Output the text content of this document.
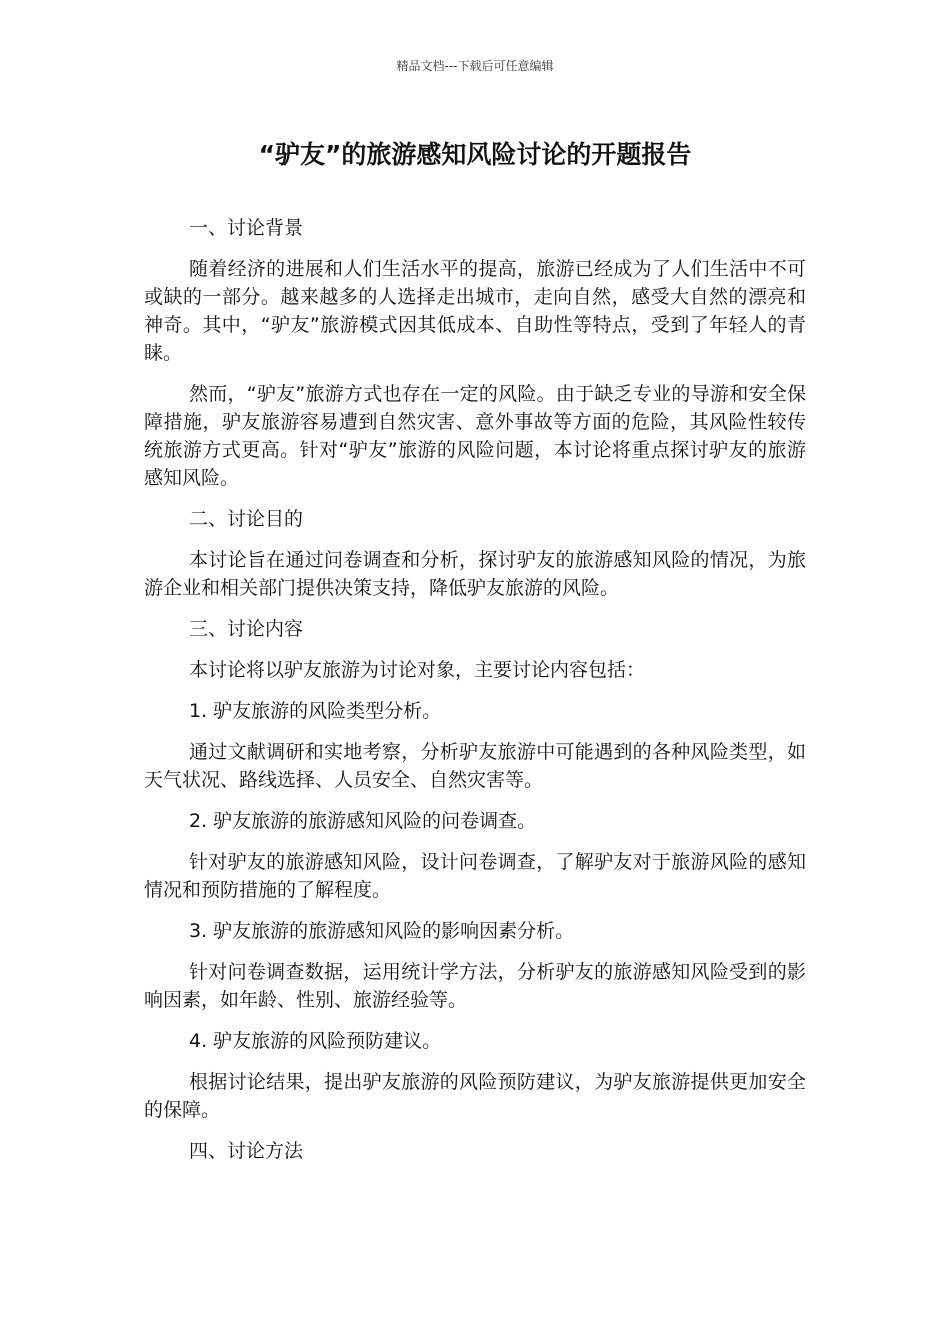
精品文档---下载后可任意编辑
“驴友”的旅游感知风险讨论的开题报告

一、讨论背景

随着经济的进展和人们生活水平的提高，旅游已经成为了人们生活中不可或缺的一部分。越来越多的人选择走出城市，走向自然，感受大自然的漂亮和神奇。其中，“驴友”旅游模式因其低成本、自助性等特点，受到了年轻人的青睐。

然而，“驴友”旅游方式也存在一定的风险。由于缺乏专业的导游和安全保障措施，驴友旅游容易遭到自然灾害、意外事故等方面的危险，其风险性较传统旅游方式更高。针对“驴友”旅游的风险问题，本讨论将重点探讨驴友的旅游感知风险。

二、讨论目的

本讨论旨在通过问卷调查和分析，探讨驴友的旅游感知风险的情况，为旅游企业和相关部门提供决策支持，降低驴友旅游的风险。

三、讨论内容

本讨论将以驴友旅游为讨论对象，主要讨论内容包括：

1. 驴友旅游的风险类型分析。

通过文献调研和实地考察，分析驴友旅游中可能遇到的各种风险类型，如天气状况、路线选择、人员安全、自然灾害等。

2. 驴友旅游的旅游感知风险的问卷调查。

针对驴友的旅游感知风险，设计问卷调查，了解驴友对于旅游风险的感知情况和预防措施的了解程度。

3. 驴友旅游的旅游感知风险的影响因素分析。

针对问卷调查数据，运用统计学方法，分析驴友的旅游感知风险受到的影响因素，如年龄、性别、旅游经验等。

4. 驴友旅游的风险预防建议。

根据讨论结果，提出驴友旅游的风险预防建议，为驴友旅游提供更加安全的保障。

四、讨论方法
